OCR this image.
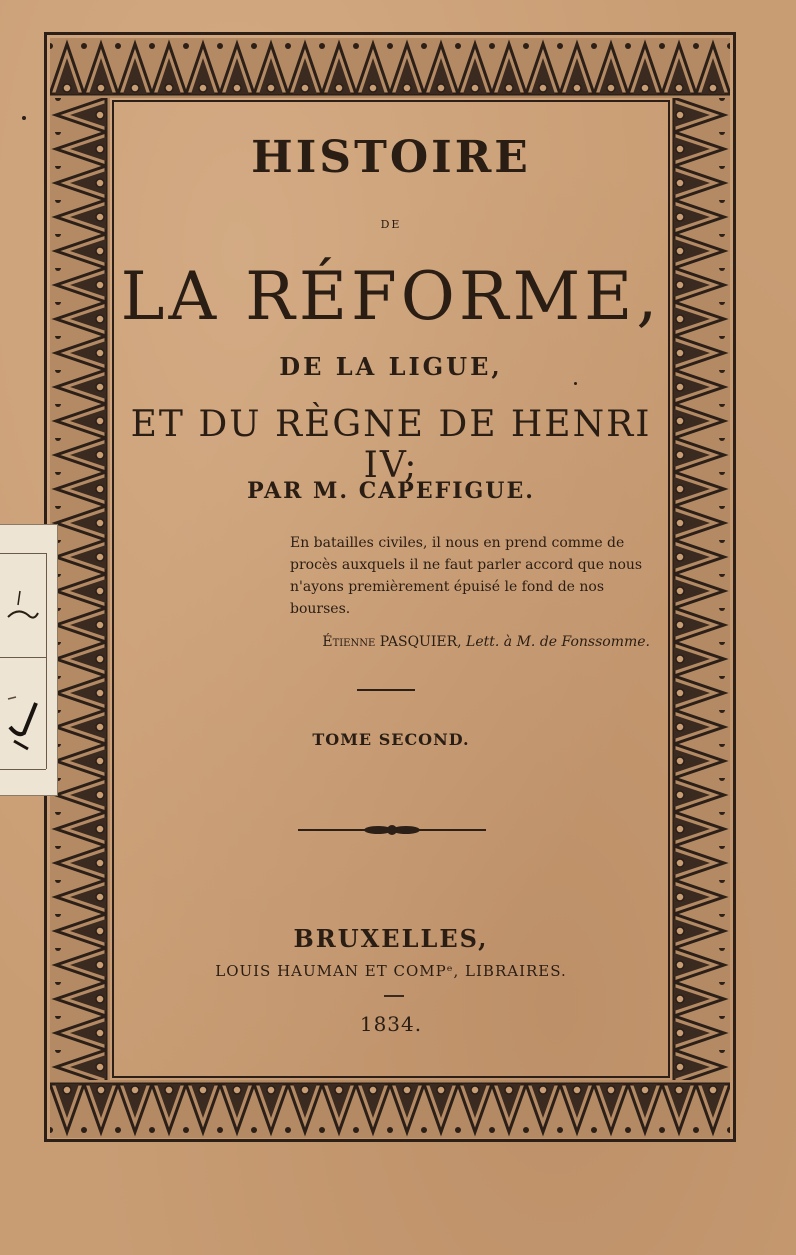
HISTOIRE
DE
LA RÉFORME,
DE LA LIGUE,
ET DU RÈGNE DE HENRI IV;
PAR M. CAPEFIGUE.
En batailles civiles, il nous en prend comme de
procès auxquels il ne faut parler accord que nous
n'ayons premièrement épuisé le fond de nos
bourses.
Étienne PASQUIER, Lett. à M. de Fonssomme.
TOME SECOND.
BRUXELLES,
LOUIS HAUMAN ET COMPᵉ, LIBRAIRES.
1834.
